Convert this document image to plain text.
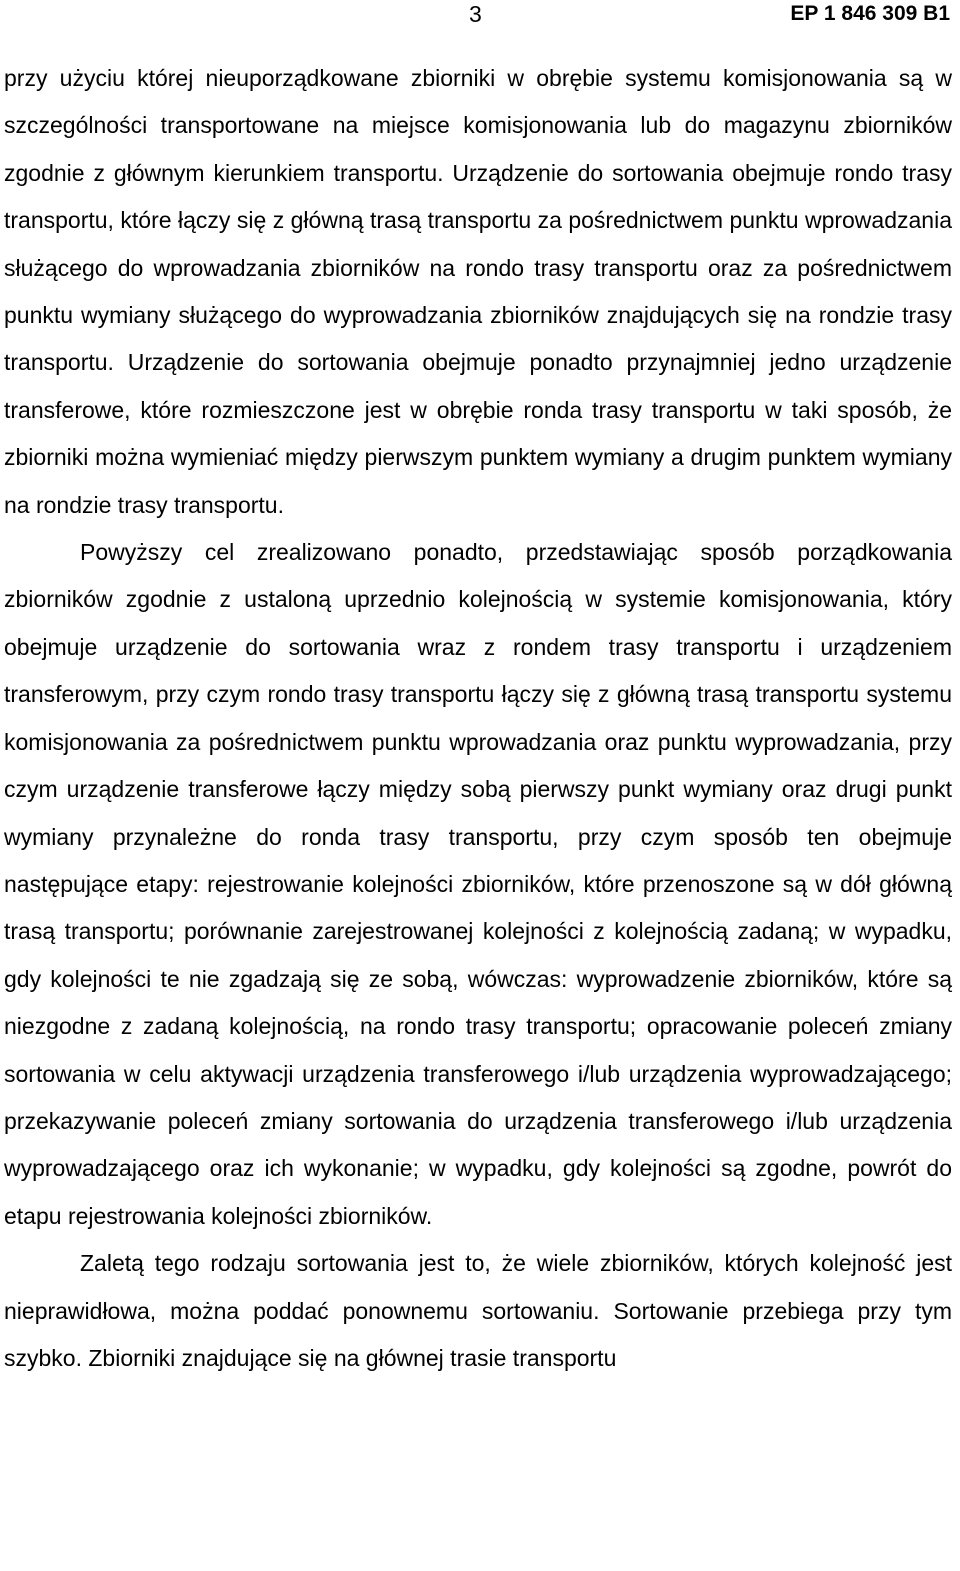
3	EP 1 846 309 B1

przy użyciu której nieuporządkowane zbiorniki w obrębie systemu komisjonowania są w szczególności transportowane na miejsce komisjonowania lub do magazynu zbiorników zgodnie z głównym kierunkiem transportu. Urządzenie do sortowania obejmuje rondo trasy transportu, które łączy się z główną trasą transportu za pośrednictwem punktu wprowadzania służącego do wprowadzania zbiorników na rondo trasy transportu oraz za pośrednictwem punktu wymiany służącego do wyprowadzania zbiorników znajdujących się na rondzie trasy transportu. Urządzenie do sortowania obejmuje ponadto przynajmniej jedno urządzenie transferowe, które rozmieszczone jest w obrębie ronda trasy transportu w taki sposób, że zbiorniki można wymieniać między pierwszym punktem wymiany a drugim punktem wymiany na rondzie trasy transportu.

Powyższy cel zrealizowano ponadto, przedstawiając sposób porządkowania zbiorników zgodnie z ustaloną uprzednio kolejnością w systemie komisjonowania, który obejmuje urządzenie do sortowania wraz z rondem trasy transportu i urządzeniem transferowym, przy czym rondo trasy transportu łączy się z główną trasą transportu systemu komisjonowania za pośrednictwem punktu wprowadzania oraz punktu wyprowadzania, przy czym urządzenie transferowe łączy między sobą pierwszy punkt wymiany oraz drugi punkt wymiany przynależne do ronda trasy transportu, przy czym sposób ten obejmuje następujące etapy: rejestrowanie kolejności zbiorników, które przenoszone są w dół główną trasą transportu; porównanie zarejestrowanej kolejności z kolejnością zadaną; w wypadku, gdy kolejności te nie zgadzają się ze sobą, wówczas: wyprowadzenie zbiorników, które są niezgodne z zadaną kolejnością, na rondo trasy transportu; opracowanie poleceń zmiany sortowania w celu aktywacji urządzenia transferowego i/lub urządzenia wyprowadzającego; przekazywanie poleceń zmiany sortowania do urządzenia transferowego i/lub urządzenia wyprowadzającego oraz ich wykonanie; w wypadku, gdy kolejności są zgodne, powrót do etapu rejestrowania kolejności zbiorników.

Zaletą tego rodzaju sortowania jest to, że wiele zbiorników, których kolejność jest nieprawidłowa, można poddać ponownemu sortowaniu. Sortowanie przebiega przy tym szybko. Zbiorniki znajdujące się na głównej trasie transportu
